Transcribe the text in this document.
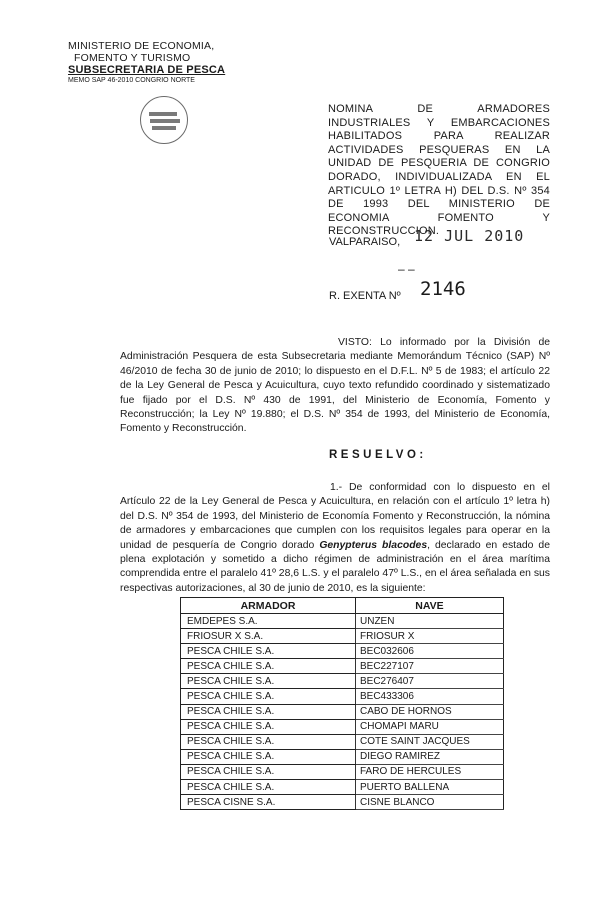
MINISTERIO DE ECONOMIA,
FOMENTO Y TURISMO
SUBSECRETARIA DE PESCA
MEMO SAP 46-2010 CONGRIO NORTE
NOMINA DE ARMADORES INDUSTRIALES Y EMBARCACIONES HABILITADOS PARA REALIZAR ACTIVIDADES PESQUERAS EN LA UNIDAD DE PESQUERIA DE CONGRIO DORADO, INDIVIDUALIZADA EN EL ARTICULO 1º LETRA H) DEL D.S. Nº 354 DE 1993 DEL MINISTERIO DE ECONOMIA FOMENTO Y RECONSTRUCCION.
VALPARAISO, 12 JUL 2010
– –
R. EXENTA Nº 2146
VISTO: Lo informado por la División de Administración Pesquera de esta Subsecretaria mediante Memorándum Técnico (SAP) Nº 46/2010 de fecha 30 de junio de 2010; lo dispuesto en el D.F.L. Nº 5 de 1983; el artículo 22 de la Ley General de Pesca y Acuicultura, cuyo texto refundido coordinado y sistematizado fue fijado por el D.S. Nº 430 de 1991, del Ministerio de Economía, Fomento y Reconstrucción; la Ley Nº 19.880; el D.S. Nº 354 de 1993, del Ministerio de Economía, Fomento y Reconstrucción.
RESUELVO:
1.- De conformidad con lo dispuesto en el Artículo 22 de la Ley General de Pesca y Acuicultura, en relación con el artículo 1º letra h) del D.S. Nº 354 de 1993, del Ministerio de Economía Fomento y Reconstrucción, la nómina de armadores y embarcaciones que cumplen con los requisitos legales para operar en la unidad de pesquería de Congrio dorado Genypterus blacodes, declarado en estado de plena explotación y sometido a dicho régimen de administración en el área marítima comprendida entre el paralelo 41º 28,6 L.S. y el paralelo 47º L.S., en el área señalada en sus respectivas autorizaciones, al 30 de junio de 2010, es la siguiente:
ARMADOR	NAVE
EMDEPES S.A.	UNZEN
FRIOSUR X S.A.	FRIOSUR X
PESCA CHILE S.A.	BEC032606
PESCA CHILE S.A.	BEC227107
PESCA CHILE S.A.	BEC276407
PESCA CHILE S.A.	BEC433306
PESCA CHILE S.A.	CABO DE HORNOS
PESCA CHILE S.A.	CHOMAPI MARU
PESCA CHILE S.A.	COTE SAINT JACQUES
PESCA CHILE S.A.	DIEGO RAMIREZ
PESCA CHILE S.A.	FARO DE HERCULES
PESCA CHILE S.A.	PUERTO BALLENA
PESCA CISNE S.A.	CISNE BLANCO
